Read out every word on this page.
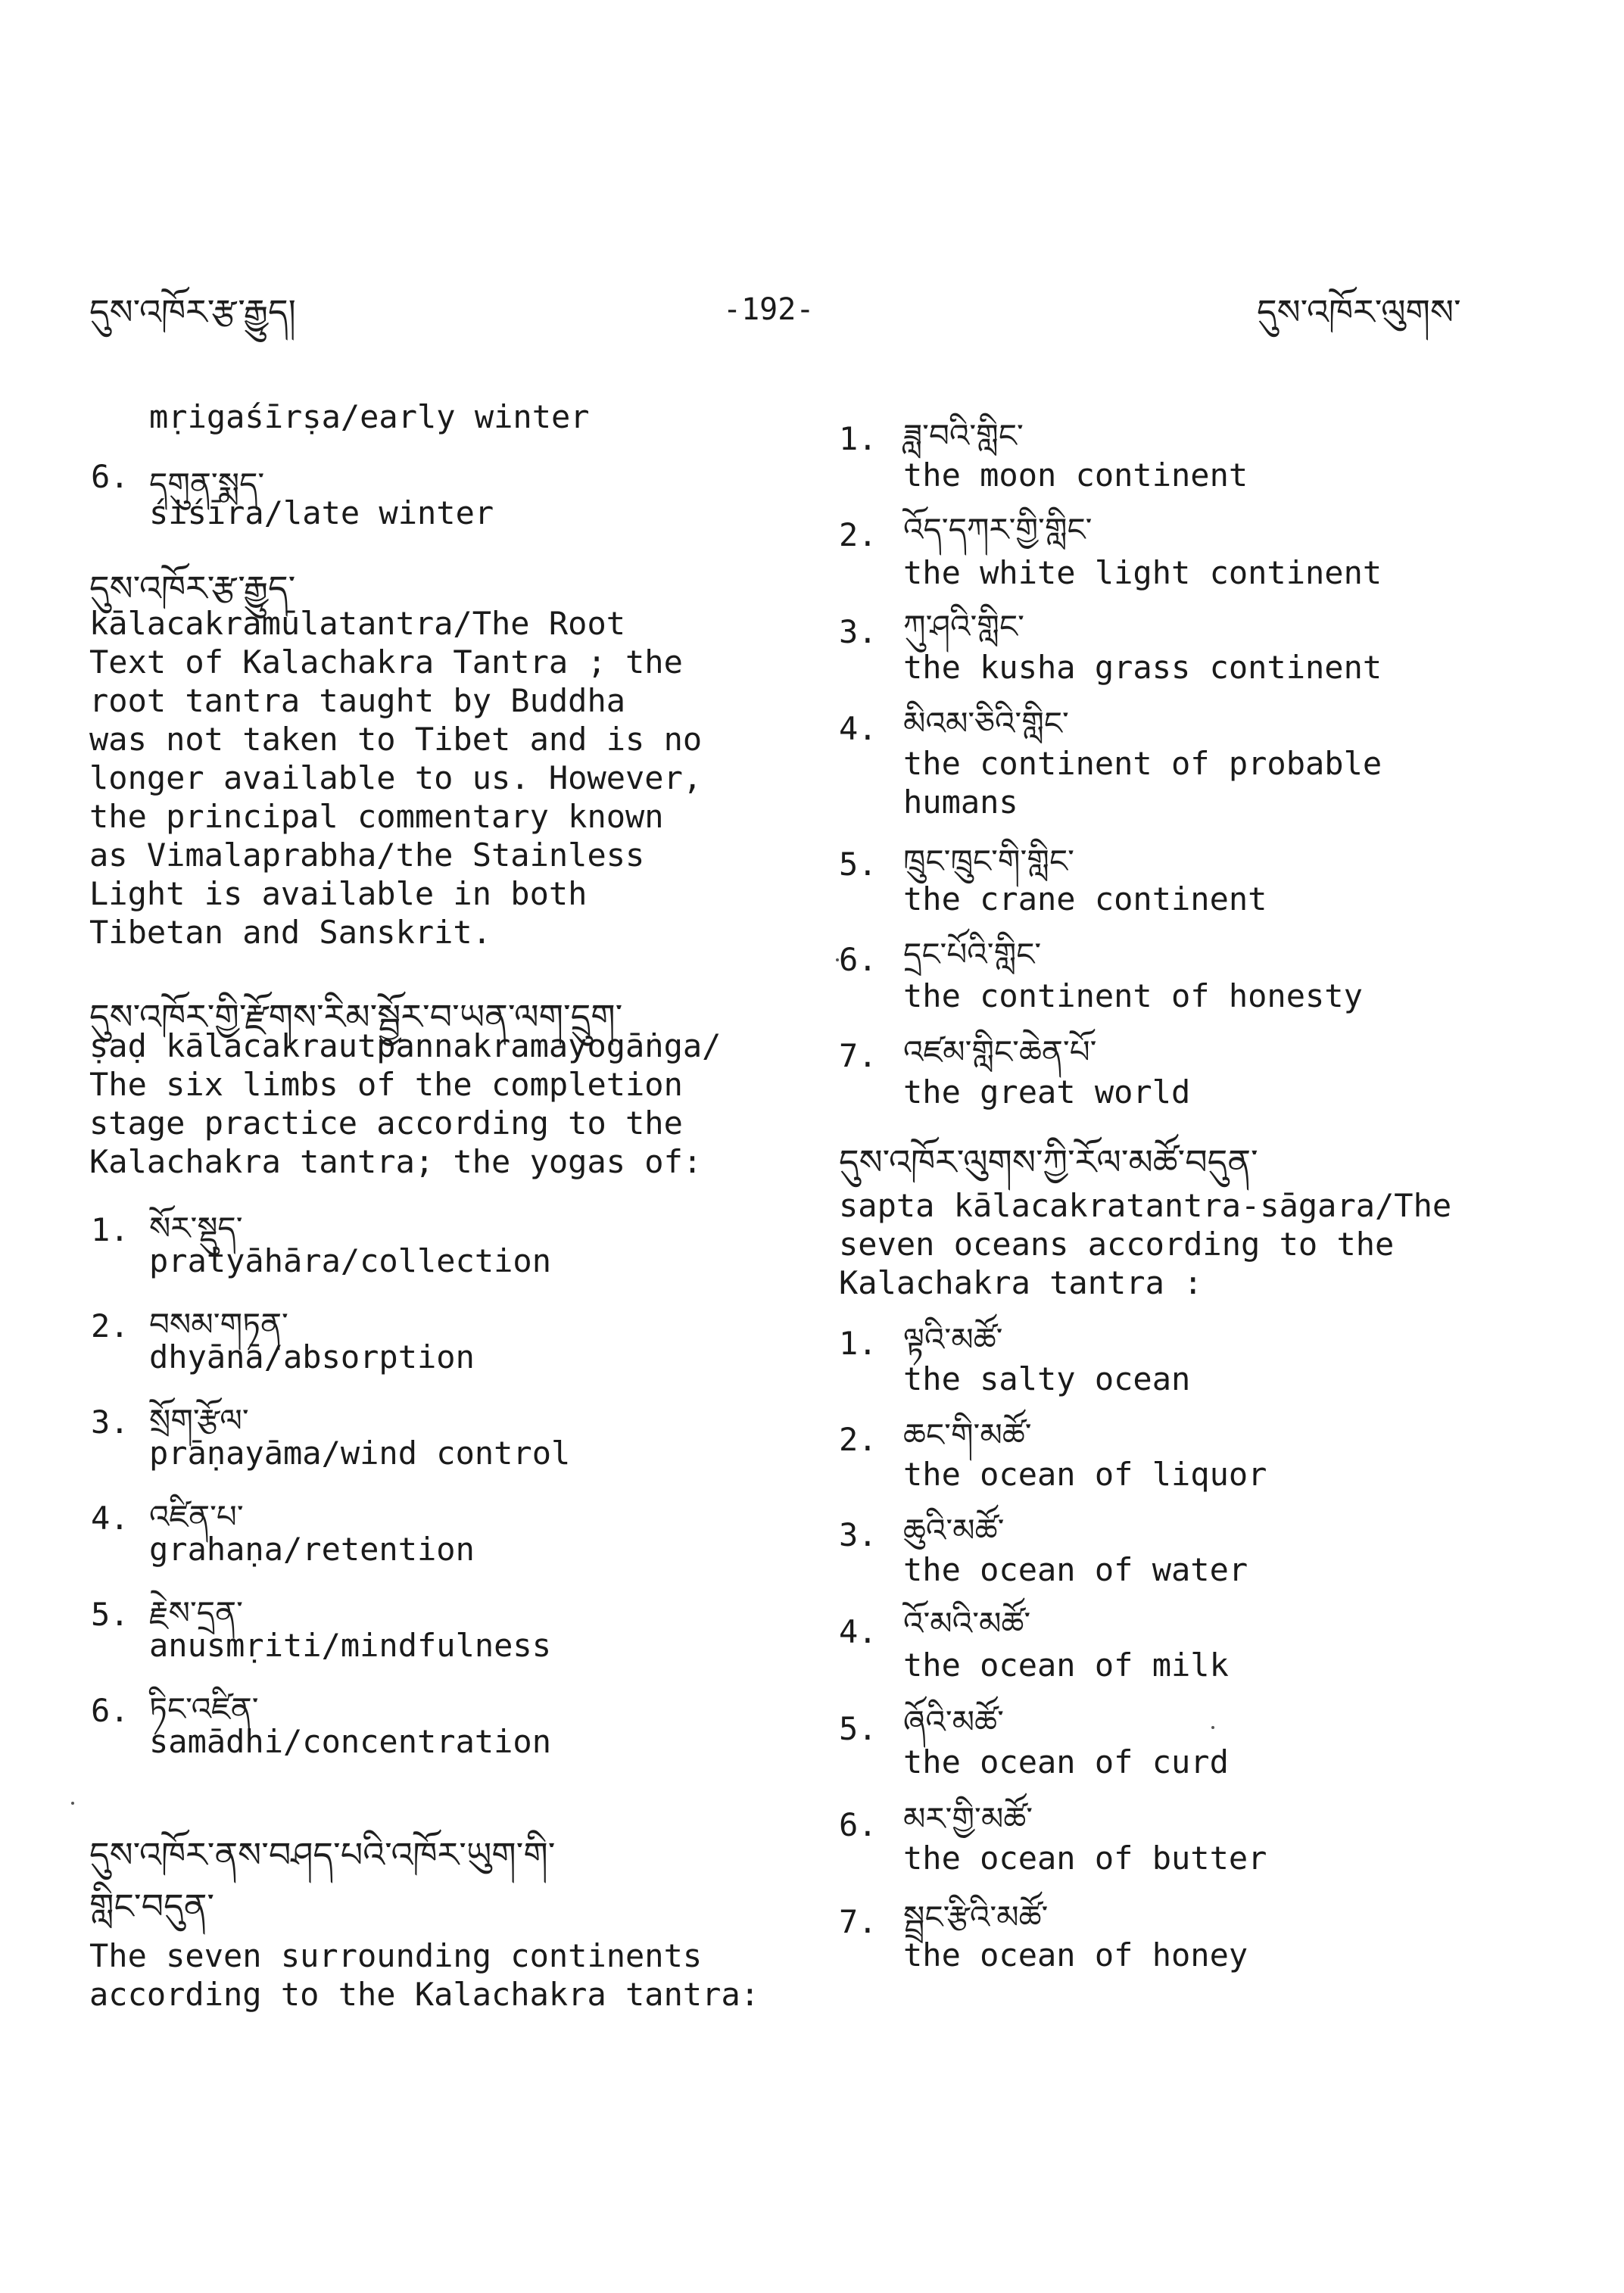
དུས་འཁོར་རྩ་རྒྱུད།	-192-	དུས་འཁོར་ལུགས་
mṛigaśīrṣa/early winter
6. དགུན་སྨད་
śiśīra/late winter
དུས་འཁོར་རྩ་རྒྱུད་
kālacakramūlatantra/The Root
Text of Kalachakra Tantra ; the
root tantra taught by Buddha
was not taken to Tibet and is no
longer available to us. However,
the principal commentary known
as Vimalaprabha/the Stainless
Light is available in both
Tibetan and Sanskrit.
དུས་འཁོར་གྱི་རྫོགས་རིམ་སྦྱོར་བ་ཡན་ལག་དྲུག་
ṣaḍ kālacakrautpannakramayogāṅga/
The six limbs of the completion
stage practice according to the
Kalachakra tantra; the yogas of:
1. སོར་སྡུད་
pratyāhāra/collection
2. བསམ་གཏན་
dhyānā/absorption
3. སྲོག་རྩོལ་
prāṇayāma/wind control
4. འཛིན་པ་
grahaṇa/retention
5. རྗེས་དྲན་
anusmṛiti/mindfulness
6. ཏིང་འཛིན་
samādhi/concentration
དུས་འཁོར་ནས་བཤད་པའི་འཁོར་ཡུག་གི་
གླིང་བདུན་
The seven surrounding continents
according to the Kalachakra tantra:
1. ཟླ་བའི་གླིང་
the moon continent
2. འོད་དཀར་གྱི་གླིང་
the white light continent
3. ཀུ་ཤའི་གླིང་
the kusha grass continent
4. མིའམ་ཅིའི་གླིང་
the continent of probable
humans
5. ཁྲུང་ཁྲུང་གི་གླིང་
the crane continent
6. དྲང་པོའི་གླིང་
the continent of honesty
7. འཛམ་གླིང་ཆེན་པོ་
the great world
དུས་འཁོར་ལུགས་ཀྱི་རོལ་མཚོ་བདུན་
sapta kālacakratantra-sāgara/The
seven oceans according to the
Kalachakra tantra :
1. ལྟའི་མཚོ་
the salty ocean
2. ཆང་གི་མཚོ་
the ocean of liquor
3. ཆུའི་མཚོ་
the ocean of water
4. འོ་མའི་མཚོ་
the ocean of milk
5. ཞོའི་མཚོ་
the ocean of curd
6. མར་གྱི་མཚོ་
the ocean of butter
7. སྦྲང་རྩིའི་མཚོ་
the ocean of honey
